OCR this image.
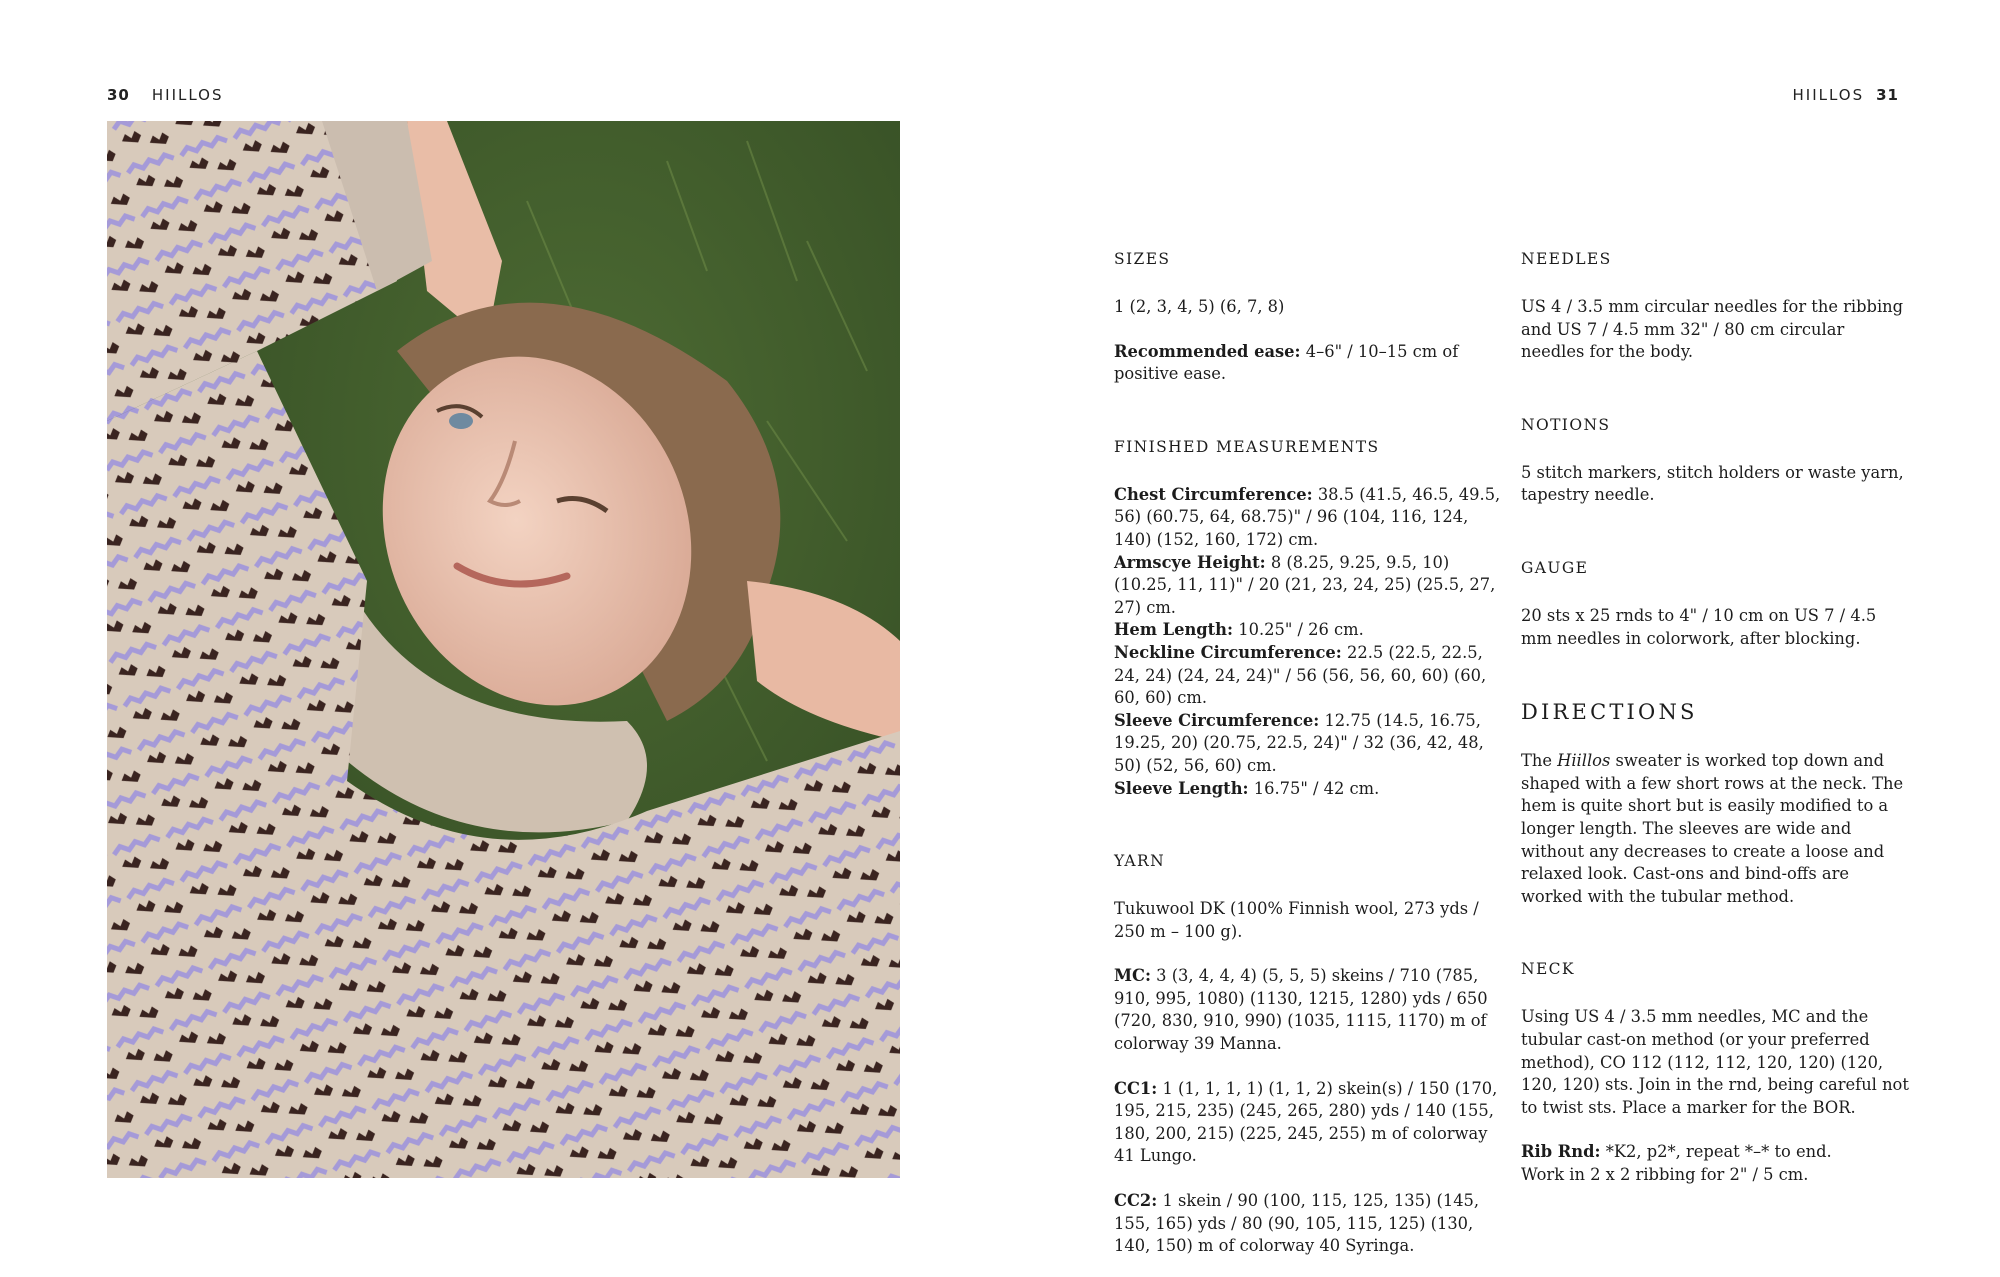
30 HIILLOS	HIILLOS 31

SIZES

1 (2, 3, 4, 5) (6, 7, 8)

Recommended ease: 4–6" / 10–15 cm of positive ease.

FINISHED MEASUREMENTS

Chest Circumference: 38.5 (41.5, 46.5, 49.5, 56) (60.75, 64, 68.75)" / 96 (104, 116, 124, 140) (152, 160, 172) cm.

Armscye Height: 8 (8.25, 9.25, 9.5, 10) (10.25, 11, 11)" / 20 (21, 23, 24, 25) (25.5, 27, 27) cm.

Hem Length: 10.25" / 26 cm.

Neckline Circumference: 22.5 (22.5, 22.5, 24, 24) (24, 24, 24)" / 56 (56, 56, 60, 60) (60, 60, 60) cm.

Sleeve Circumference: 12.75 (14.5, 16.75, 19.25, 20) (20.75, 22.5, 24)" / 32 (36, 42, 48, 50) (52, 56, 60) cm.

Sleeve Length: 16.75" / 42 cm.

YARN

Tukuwool DK (100% Finnish wool, 273 yds / 250 m – 100 g).

MC: 3 (3, 4, 4, 4) (5, 5, 5) skeins / 710 (785, 910, 995, 1080) (1130, 1215, 1280) yds / 650 (720, 830, 910, 990) (1035, 1115, 1170) m of colorway 39 Manna.

CC1: 1 (1, 1, 1, 1) (1, 1, 2) skein(s) / 150 (170, 195, 215, 235) (245, 265, 280) yds / 140 (155, 180, 200, 215) (225, 245, 255) m of colorway 41 Lungo.

CC2: 1 skein / 90 (100, 115, 125, 135) (145, 155, 165) yds / 80 (90, 105, 115, 125) (130, 140, 150) m of colorway 40 Syringa.

NEEDLES

US 4 / 3.5 mm circular needles for the ribbing and US 7 / 4.5 mm 32" / 80 cm circular needles for the body.

NOTIONS

5 stitch markers, stitch holders or waste yarn, tapestry needle.

GAUGE

20 sts x 25 rnds to 4" / 10 cm on US 7 / 4.5 mm needles in colorwork, after blocking.

DIRECTIONS

The Hiillos sweater is worked top down and shaped with a few short rows at the neck. The hem is quite short but is easily modified to a longer length. The sleeves are wide and without any decreases to create a loose and relaxed look. Cast-ons and bind-offs are worked with the tubular method.

NECK

Using US 4 / 3.5 mm needles, MC and the tubular cast-on method (or your preferred method), CO 112 (112, 112, 120, 120) (120, 120, 120) sts. Join in the rnd, being careful not to twist sts. Place a marker for the BOR.

Rib Rnd: *K2, p2*, repeat *–* to end.

Work in 2 x 2 ribbing for 2" / 5 cm.
